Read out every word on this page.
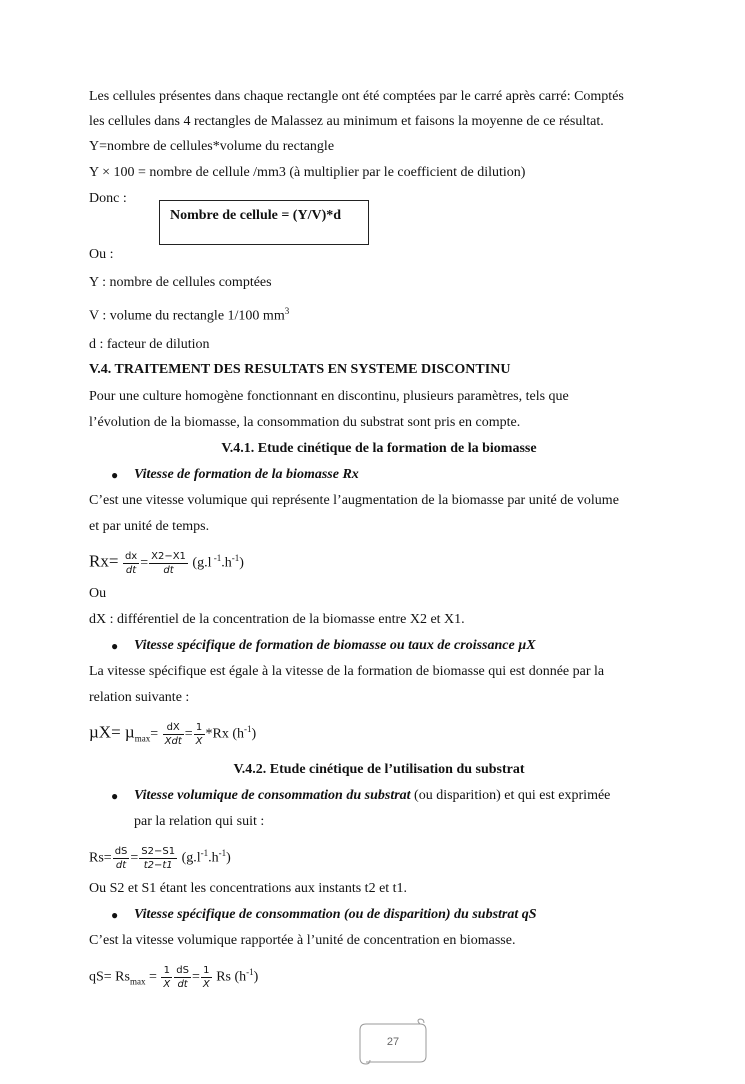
Les cellules présentes dans chaque rectangle ont été comptées par le carré après carré: Comptés
les cellules dans 4 rectangles de Malassez au minimum et faisons la moyenne de ce résultat.
Y=nombre de cellules*volume du rectangle
Y × 100 = nombre de cellule /mm3 (à multiplier par le coefficient de dilution)
Donc :
Ou :
Y : nombre de cellules comptées
V : volume du rectangle 1/100 $mm^3$
d : facteur de dilution
V.4. TRAITEMENT DES RESULTATS EN SYSTEME DISCONTINU
Pour une culture homogène fonctionnant en discontinu, plusieurs paramètres, tels que
l’évolution de la biomasse, la consommation du substrat sont pris en compte.
V.4.1. Etude cinétique de la formation de la biomasse
● Vitesse de formation de la biomasse Rx
C’est une vitesse volumique qui représente l’augmentation de la biomasse par unité de volume
et par unité de temps.
$Rx= \frac{dx}{dt} = \frac{X2-X1}{dt} (g.l$ $^{-1}.h^{-1}$)
Ou
dX : différentiel de la concentration de la biomasse entre X2 et X1.
● Vitesse spécifique de formation de biomasse ou taux de croissance µX
La vitesse spécifique est égale à la vitesse de la formation de biomasse qui est donnée par la
relation suivante :
$\mu X= \mu_{max}= \frac{dX}{\text{Xdt}} = \frac{1}{X} *Rx$ $(h^{-1})$
V.4.2. Etude cinétique de l’utilisation du substrat
● Vitesse volumique de consommation du substrat (ou disparition) et qui est exprimée
par la relation qui suit :
$Rs= \frac{dS}{dt} = \frac{S2-S1}{t2-t1} (g.l^{-1}.h^{-1})$
Ou S2 et S1 étant les concentrations aux instants t2 et t1.
● Vitesse spécifique de consommation (ou de disparition) du substrat qS
C’est la vitesse volumique rapportée à l’unité de concentration en biomasse.
$qS= Rs_{max} = \frac{1}{X} \frac{dS}{dt} = \frac{1}{X}$ Rs $(h^{-1})$
Nombre de cellule = (Y/V)*d
27
